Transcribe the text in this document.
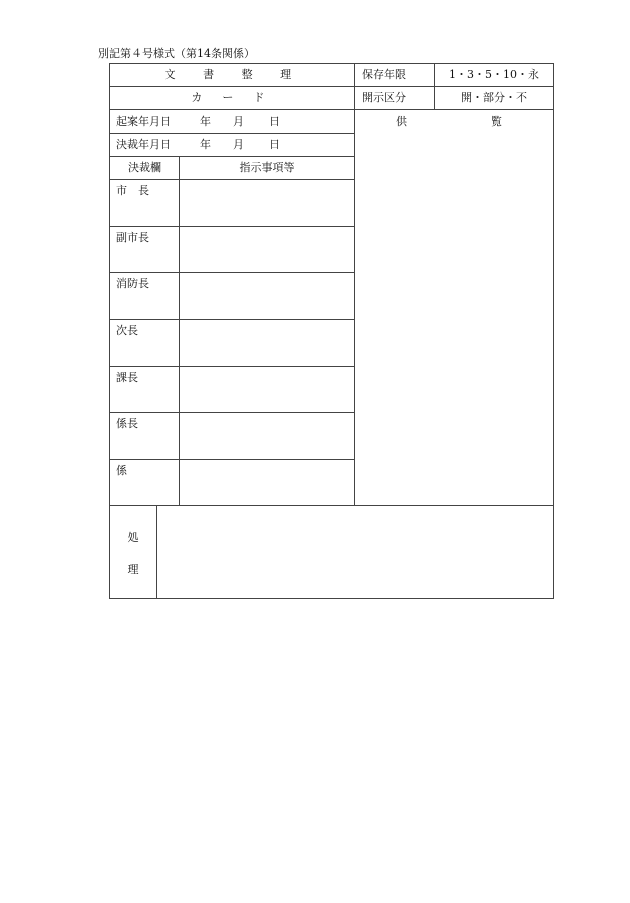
別記第４号様式（第14条関係）
文　書　整　理
カ ー ド
保存年限	1・3・5・10・永
開示区分	開・部分・不
起案年月日	年 月 日
決裁年月日	年 月 日
供	覧
決裁欄	指示事項等
市　長
副市長
消防長
次長
課長
係長
係
処
理
